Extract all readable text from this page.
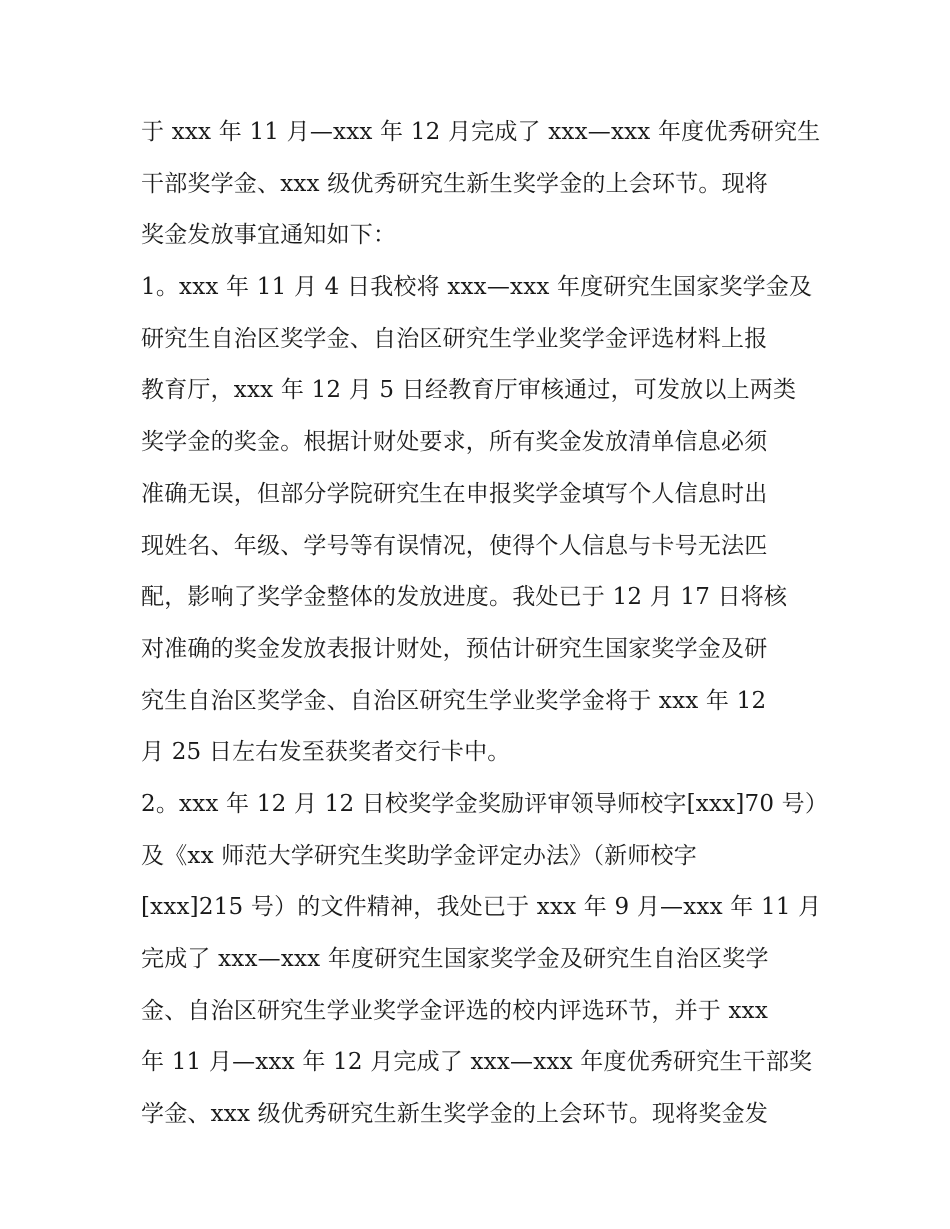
于 xxx 年 11 月—xxx 年 12 月完成了 xxx—xxx 年度优秀研究生
干部奖学金、xxx 级优秀研究生新生奖学金的上会环节。现将
奖金发放事宜通知如下：
1。xxx 年 11 月 4 日我校将 xxx—xxx 年度研究生国家奖学金及
研究生自治区奖学金、自治区研究生学业奖学金评选材料上报
教育厅，xxx 年 12 月 5 日经教育厅审核通过，可发放以上两类
奖学金的奖金。根据计财处要求，所有奖金发放清单信息必须
准确无误，但部分学院研究生在申报奖学金填写个人信息时出
现姓名、年级、学号等有误情况，使得个人信息与卡号无法匹
配，影响了奖学金整体的发放进度。我处已于 12 月 17 日将核
对准确的奖金发放表报计财处，预估计研究生国家奖学金及研
究生自治区奖学金、自治区研究生学业奖学金将于 xxx 年 12
月 25 日左右发至获奖者交行卡中。
2。xxx 年 12 月 12 日校奖学金奖励评审领导师校字[xxx]70 号）
及《xx 师范大学研究生奖助学金评定办法》（新师校字
[xxx]215 号）的文件精神，我处已于 xxx 年 9 月—xxx 年 11 月
完成了 xxx—xxx 年度研究生国家奖学金及研究生自治区奖学
金、自治区研究生学业奖学金评选的校内评选环节，并于 xxx
年 11 月—xxx 年 12 月完成了 xxx—xxx 年度优秀研究生干部奖
学金、xxx 级优秀研究生新生奖学金的上会环节。现将奖金发
